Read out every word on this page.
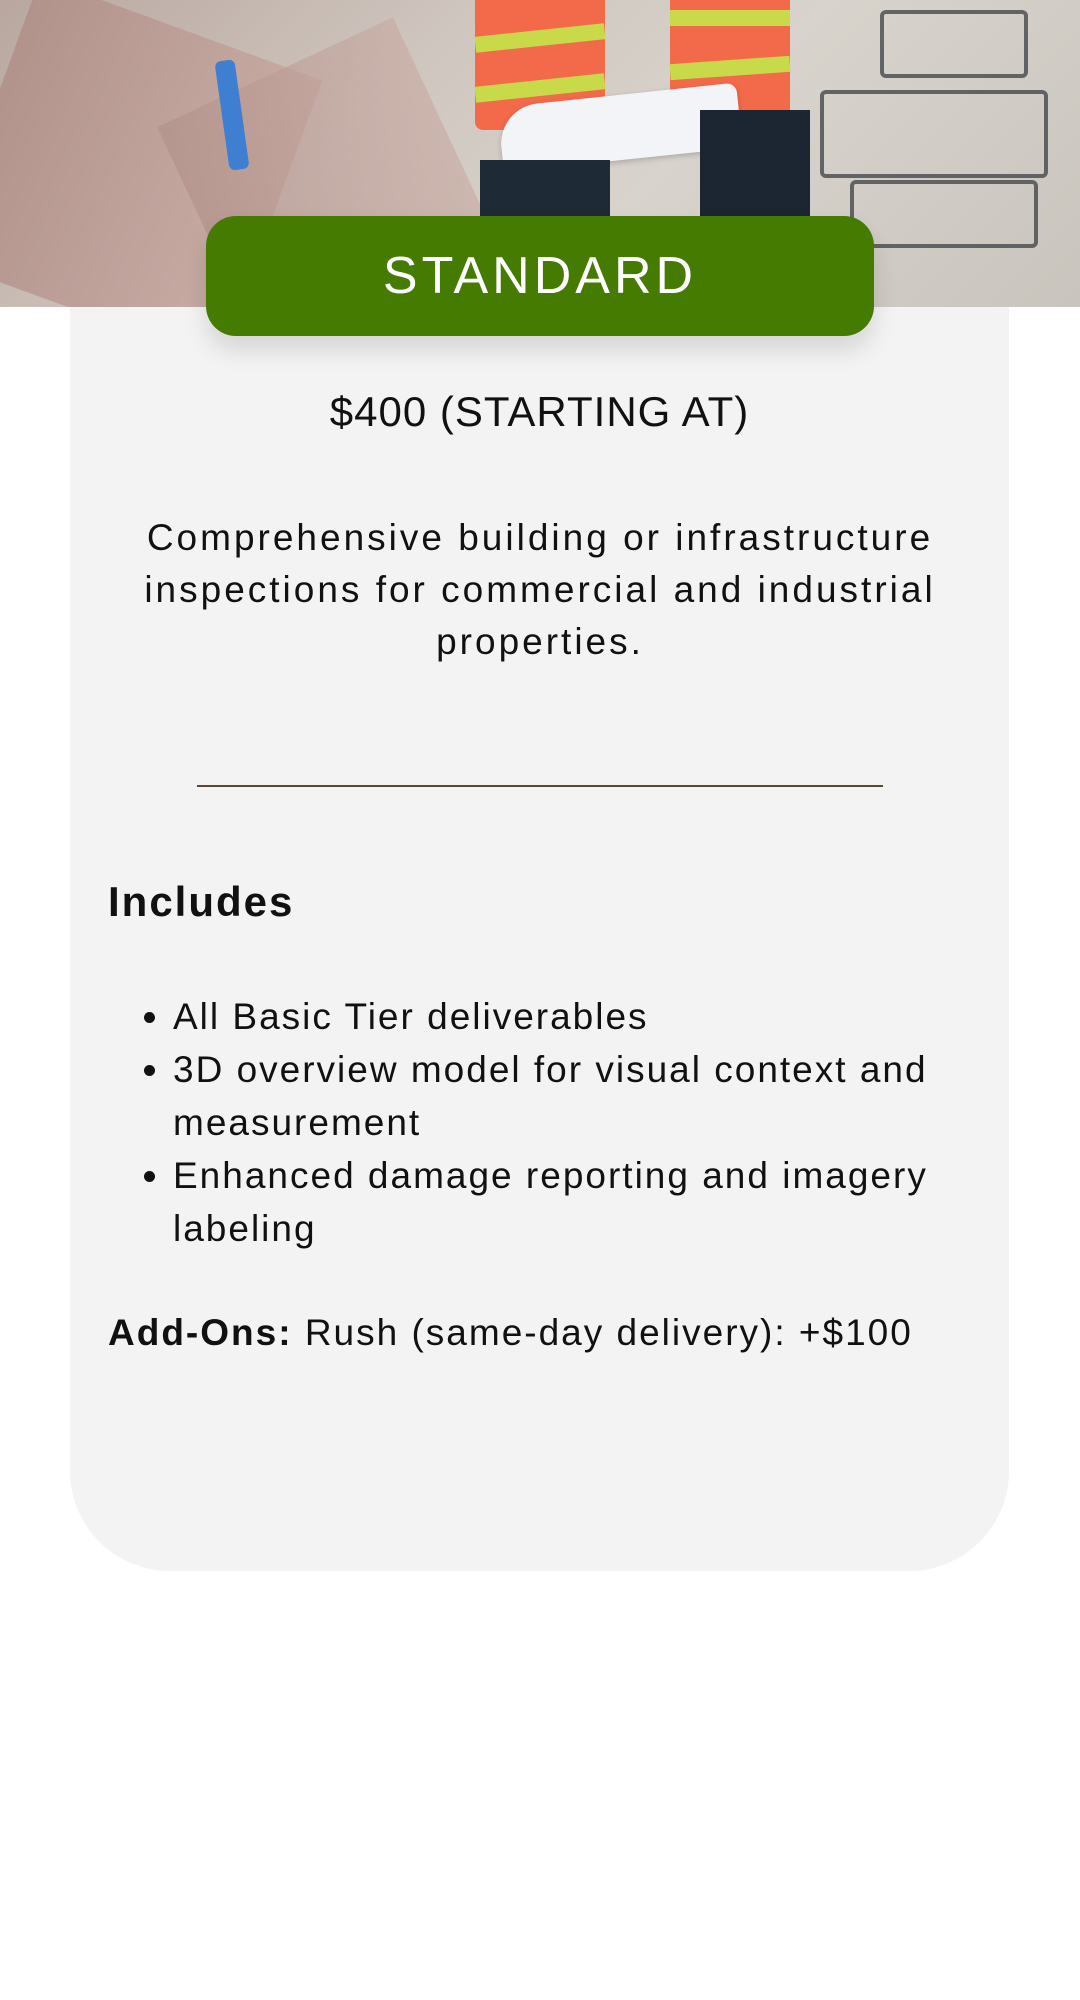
STANDARD
$400 (STARTING AT)
Comprehensive building or infrastructure inspections for commercial and industrial properties.
Includes
• All Basic Tier deliverables
• 3D overview model for visual context and measurement
• Enhanced damage reporting and imagery labeling
Add-Ons: Rush (same-day delivery): +$100
